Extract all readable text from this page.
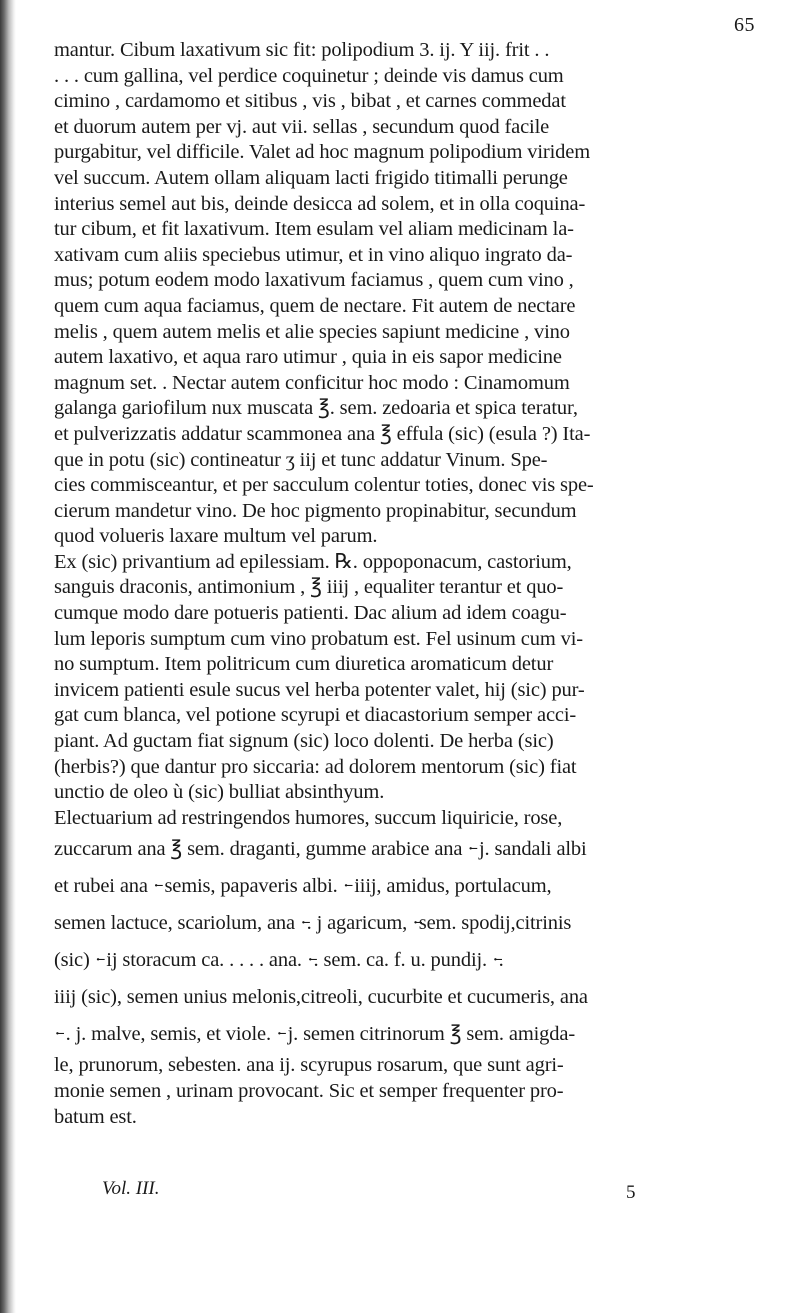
65
mantur. Cibum laxativum sic fit: polipodium 3. ij. Y iij. frit . .
. . . cum gallina, vel perdice coquinetur ; deinde vis damus cum
cimino , cardamomo et sitibus , vis , bibat , et carnes commedat
et duorum autem per vj. aut vii. sellas , secundum quod facile
purgabitur, vel difficile. Valet ad hoc magnum polipodium viridem
vel succum. Autem ollam aliquam lacti frigido titimalli perunge
interius semel aut bis, deinde desicca ad solem, et in olla coquina-
tur cibum, et fit laxativum. Item esulam vel aliam medicinam la-
xativam cum aliis speciebus utimur, et in vino aliquo ingrato da-
mus; potum eodem modo laxativum faciamus , quem cum vino ,
quem cum aqua faciamus, quem de nectare. Fit autem de nectare
melis , quem autem melis et alie species sapiunt medicine , vino
autem laxativo, et aqua raro utimur , quia in eis sapor medicine
magnum set. . Nectar autem conficitur hoc modo : Cinamomum
galanga gariofilum nux muscata ℥. sem. zedoaria et spica teratur,
et pulverizzatis addatur scammonea ana ℥ effula (sic) (esula ?) Ita-
que in potu (sic) contineatur ʒ iij et tunc addatur Vinum. Spe-
cies commisceantur, et per sacculum colentur toties, donec vis spe-
cierum mandetur vino. De hoc pigmento propinabitur, secundum
quod volueris laxare multum vel parum.
Ex (sic) privantium ad epilessiam. ℞. oppoponacum, castorium,
sanguis draconis, antimonium , ℥ iiij , equaliter terantur et quo-
cumque modo dare potueris patienti. Dac alium ad idem coagu-
lum leporis sumptum cum vino probatum est. Fel usinum cum vi-
no sumptum. Item politricum cum diuretica aromaticum detur
invicem patienti esule sucus vel herba potenter valet, hij (sic) pur-
gat cum blanca, vel potione scyrupi et diacastorium semper acci-
piant. Ad guctam fiat signum (sic) loco dolenti. De herba (sic)
(herbis?) que dantur pro siccaria: ad dolorem mentorum (sic) fiat
unctio de oleo ù (sic) bulliat absinthyum.
Electuarium ad restringendos humores, succum liquiricie, rose,
zuccarum ana ℥ sem. draganti, gumme arabice ana ·̵ j. sandali albi
et rubei ana ·̵ semis, papaveris albi. ·̵ iiij, amidus, portulacum,
semen lactuce, scariolum, ana ·̵. j agaricum, ·̵sem. spodij,citrinis
(sic) ·̵ ij storacum ca. . . . . ana. ·̵. sem. ca. f. u. pundij. ·̵.
iiij (sic), semen unius melonis,citreoli, cucurbite et cucumeris, ana
·̵ . j. malve, semis, et viole. ·̵ j. semen citrinorum ℥ sem. amigda-
le, prunorum, sebesten. ana ij. scyrupus rosarum, que sunt agri-
monie semen , urinam provocant. Sic et semper frequenter pro-
batum est.
Vol. III.	5
